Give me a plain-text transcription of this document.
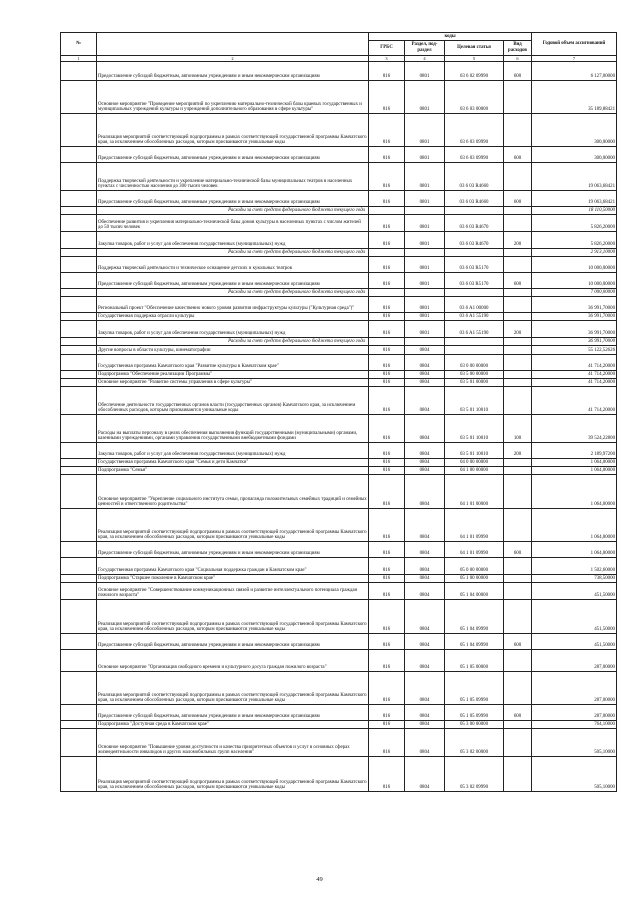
№		коды				Годовой объем ассигнований
		ГРБС	Раздел, под-раздел	Целевая статья	Вид расходов	
1	2	3	4	5	6	7
	Предоставление субсидий бюджетным, автономным учреждениям и иным некоммерческим организациям	816	0801	03 6 02 09990	600	6 127,00000
	Основное мероприятие "Проведение мероприятий по укреплению материально-технической базы краевых государственных и муниципальных учреждений культуры и учреждений дополнительного образования в сфере культуры"	816	0801	03 6 03 00000		35 189,88421
	Реализация мероприятий соответствующей подпрограммы в рамках соответствующей государственной программы Камчатского края, за исключением обособленных расходов, которым присваиваются уникальные коды	816	0801	03 6 03 09990		300,00000
	Предоставление субсидий бюджетным, автономным учреждениям и иным некоммерческим организациям	816	0801	03 6 03 09990	600	300,00000
	Поддержка творческой деятельности и укрепление материально-технической базы муниципальных театров в населенных пунктах с численностью населения до 300 тысяч человек	816	0801	03 6 03 R4660		19 063,68421
	Предоставление субсидий бюджетным, автономным учреждениям и иным некоммерческим организациям	816	0801	03 6 03 R4660	600	19 063,68421
	Расходы за счет средств федерального бюджета текущего года					18 110,50000
	Обеспечение развития и укрепления материально-технической базы домов культуры в населенных пунктах с числом жителей до 50 тысяч человек	816	0801	03 6 03 R4670		5 826,20000
	Закупка товаров, работ и услуг для обеспечения государственных (муниципальных) нужд	816	0801	03 6 03 R4670	200	5 826,20000
	Расходы за счет средств федерального бюджета текущего года					2 913,10000
	Поддержка творческой деятельности и техническое оснащение детских и кукольных театров	816	0801	03 6 03 R5170		10 000,00000
	Предоставление субсидий бюджетным, автономным учреждениям и иным некоммерческим организациям	816	0801	03 6 03 R5170	600	10 000,00000
	Расходы за счет средств федерального бюджета текущего года					7 000,00000
	Региональный проект "Обеспечение качественно нового уровня развития инфраструктуры культуры ("Культурная среда")"	816	0801	03 6 A1 00000		36 991,70000
	Государственная поддержка отрасли культуры	816	0801	03 6 A1 55190		36 991,70000
	Закупка товаров, работ и услуг для обеспечения государственных (муниципальных) нужд	816	0801	03 6 A1 55190	200	36 991,70000
	Расходы за счет средств федерального бюджета текущего года					36 991,70000
	Другие вопросы в области культуры, кинематографии	816	0804			55 122,52626
	Государственная программа Камчатского края "Развитие культуры в Камчатском крае"	816	0804	03 0 00 00000		41 714,20000
	Подпрограмма "Обеспечение реализации Программы"	816	0804	03 5 00 00000		41 714,20000
	Основное мероприятие "Развитие системы управления в сфере культуры"	816	0804	03 5 01 00000		41 714,20000
	Обеспечение деятельности государственных органов власти (государственных органов) Камчатского края, за исключением обособленных расходов, которым присваиваются уникальные коды	816	0804	03 5 01 10010		41 714,20000
	Расходы на выплаты персоналу в целях обеспечения выполнения функций государственными (муниципальными) органами, казенными учреждениями, органами управления государственными внебюджетными фондами	816	0804	03 5 01 10010	100	39 524,22800
	Закупка товаров, работ и услуг для обеспечения государственных (муниципальных) нужд	816	0804	03 5 01 10010	200	2 189,97200
	Государственная программа Камчатского края "Семья и дети Камчатки"	816	0804	04 0 00 00000		1 064,00000
	Подпрограмма "Семья"	816	0804	04 1 00 00000		1 064,00000
	Основное мероприятие "Укрепление социального института семьи, пропаганда положительных семейных традиций и семейных ценностей и ответственного родительства"	816	0804	04 1 01 00000		1 064,00000
	Реализация мероприятий соответствующей подпрограммы в рамках соответствующей государственной программы Камчатского края, за исключением обособленных расходов, которым присваиваются уникальные коды	816	0804	04 1 01 09990		1 064,00000
	Предоставление субсидий бюджетным, автономным учреждениям и иным некоммерческим организациям	816	0804	04 1 01 09990	600	1 064,00000
	Государственная программа Камчатского края "Социальная поддержка граждан в Камчатском крае"	816	0804	05 0 00 00000		1 502,60000
	Подпрограмма "Старшее поколение в Камчатском крае"	816	0804	05 1 00 00000		738,50000
	Основное мероприятие "Совершенствование коммуникационных связей и развитие интеллектуального потенциала граждан пожилого возраста"	816	0804	05 1 04 00000		451,50000
	Реализация мероприятий соответствующей подпрограммы в рамках соответствующей государственной программы Камчатского края, за исключением обособленных расходов, которым присваиваются уникальные коды	816	0804	05 1 04 09990		451,50000
	Предоставление субсидий бюджетным, автономным учреждениям и иным некоммерческим организациям	816	0804	05 1 04 09990	600	451,50000
	Основное мероприятие "Организация свободного времени и культурного досуга граждан пожилого возраста"	816	0804	05 1 05 00000		287,00000
	Реализация мероприятий соответствующей подпрограммы в рамках соответствующей государственной программы Камчатского края, за исключением обособленных расходов, которым присваиваются уникальные коды	816	0804	05 1 05 09990		287,00000
	Предоставление субсидий бюджетным, автономным учреждениям и иным некоммерческим организациям	816	0804	05 1 05 09990	600	287,00000
	Подпрограмма "Доступная среда в Камчатском крае"	816	0804	05 3 00 00000		764,10000
	Основное мероприятие "Повышение уровня доступности и качества приоритетных объектов и услуг в основных сферах жизнедеятельности инвалидов и других маломобильных групп населения"	816	0804	05 3 02 00000		505,10000
	Реализация мероприятий соответствующей подпрограммы в рамках соответствующей государственной программы Камчатского края, за исключением обособленных расходов, которым присваиваются уникальные коды	816	0804	05 3 02 09990		505,10000
49
